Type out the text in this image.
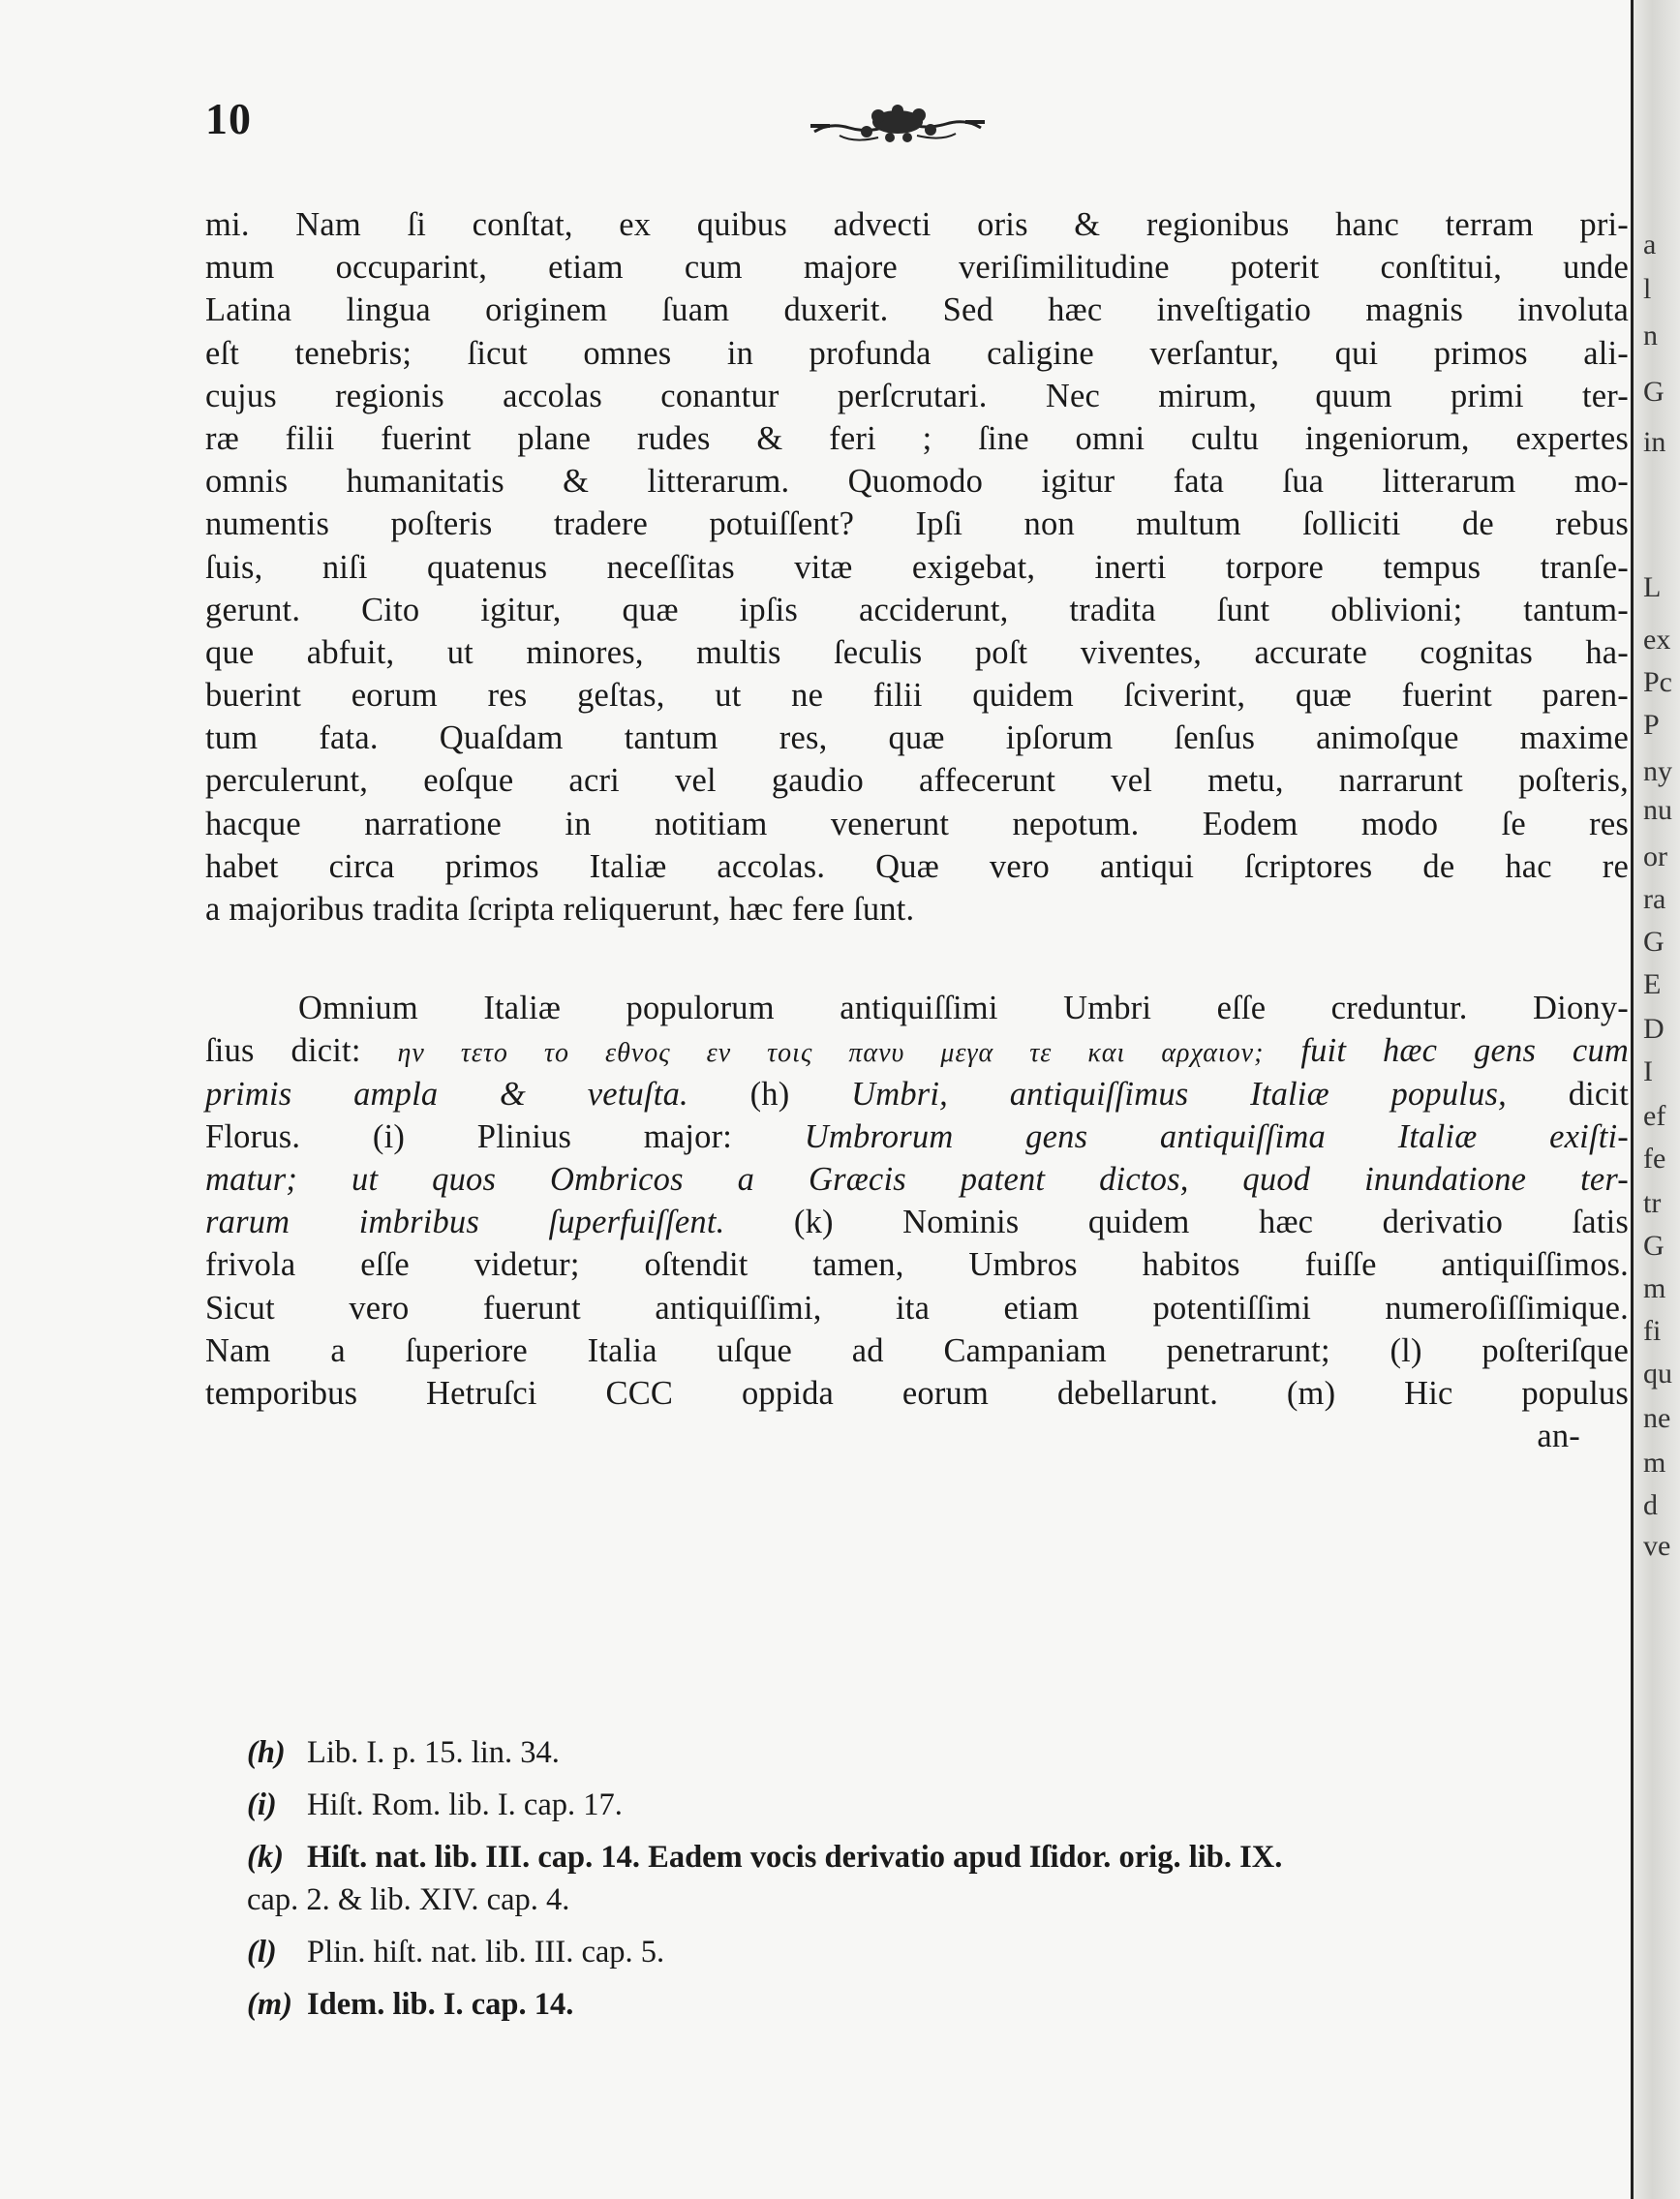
a
l
n
G
in
L
ex
Pc
P
ny
nu
or
ra
G
E
D
I
ef
fe
tr
G
m
fi
qu
ne
m
d
ve
10
mi. Nam ſi conſtat, ex quibus advecti oris & regionibus hanc terram pri-
mum occuparint, etiam cum majore veriſimilitudine poterit conſtitui, unde
Latina lingua originem ſuam duxerit. Sed hæc inveſtigatio magnis involuta
eſt tenebris; ſicut omnes in profunda caligine verſantur, qui primos ali-
cujus regionis accolas conantur perſcrutari. Nec mirum, quum primi ter-
ræ filii fuerint plane rudes & feri ; ſine omni cultu ingeniorum, expertes
omnis humanitatis & litterarum. Quomodo igitur fata ſua litterarum mo-
numentis poſteris tradere potuiſſent? Ipſi non multum ſolliciti de rebus
ſuis, niſi quatenus neceſſitas vitæ exigebat, inerti torpore tempus tranſe-
gerunt. Cito igitur, quæ ipſis acciderunt, tradita ſunt oblivioni; tantum-
que abfuit, ut minores, multis ſeculis poſt viventes, accurate cognitas ha-
buerint eorum res geſtas, ut ne filii quidem ſciverint, quæ fuerint paren-
tum fata. Quaſdam tantum res, quæ ipſorum ſenſus animoſque maxime
perculerunt, eoſque acri vel gaudio affecerunt vel metu, narrarunt poſteris,
hacque narratione in notitiam venerunt nepotum. Eodem modo ſe res
habet circa primos Italiæ accolas. Quæ vero antiqui ſcriptores de hac re
a majoribus tradita ſcripta reliquerunt, hæc fere ſunt.
Omnium Italiæ populorum antiquiſſimi Umbri eſſe creduntur. Diony-
ſius dicit: ην τετο το εθνος εν τοις πανυ μεγα τε και αρχαιον; fuit hæc gens cum
primis ampla & vetuſta. (h) Umbri, antiquiſſimus Italiæ populus, dicit
Florus. (i) Plinius major: Umbrorum gens antiquiſſima Italiæ exiſti-
matur; ut quos Ombricos a Græcis patent dictos, quod inundatione ter-
rarum imbribus ſuperfuiſſent. (k) Nominis quidem hæc derivatio ſatis
frivola eſſe videtur; oſtendit tamen, Umbros habitos fuiſſe antiquiſſimos.
Sicut vero fuerunt antiquiſſimi, ita etiam potentiſſimi numeroſiſſimique.
Nam a ſuperiore Italia uſque ad Campaniam penetrarunt; (l) poſteriſque
temporibus Hetruſci CCC oppida eorum debellarunt. (m) Hic populus
an-
(h) Lib. I. p. 15. lin. 34.
(i) Hiſt. Rom. lib. I. cap. 17.
(k) Hiſt. nat. lib. III. cap. 14. Eadem vocis derivatio apud Iſidor. orig. lib. IX.
cap. 2. & lib. XIV. cap. 4.
(l) Plin. hiſt. nat. lib. III. cap. 5.
(m) Idem. lib. I. cap. 14.
